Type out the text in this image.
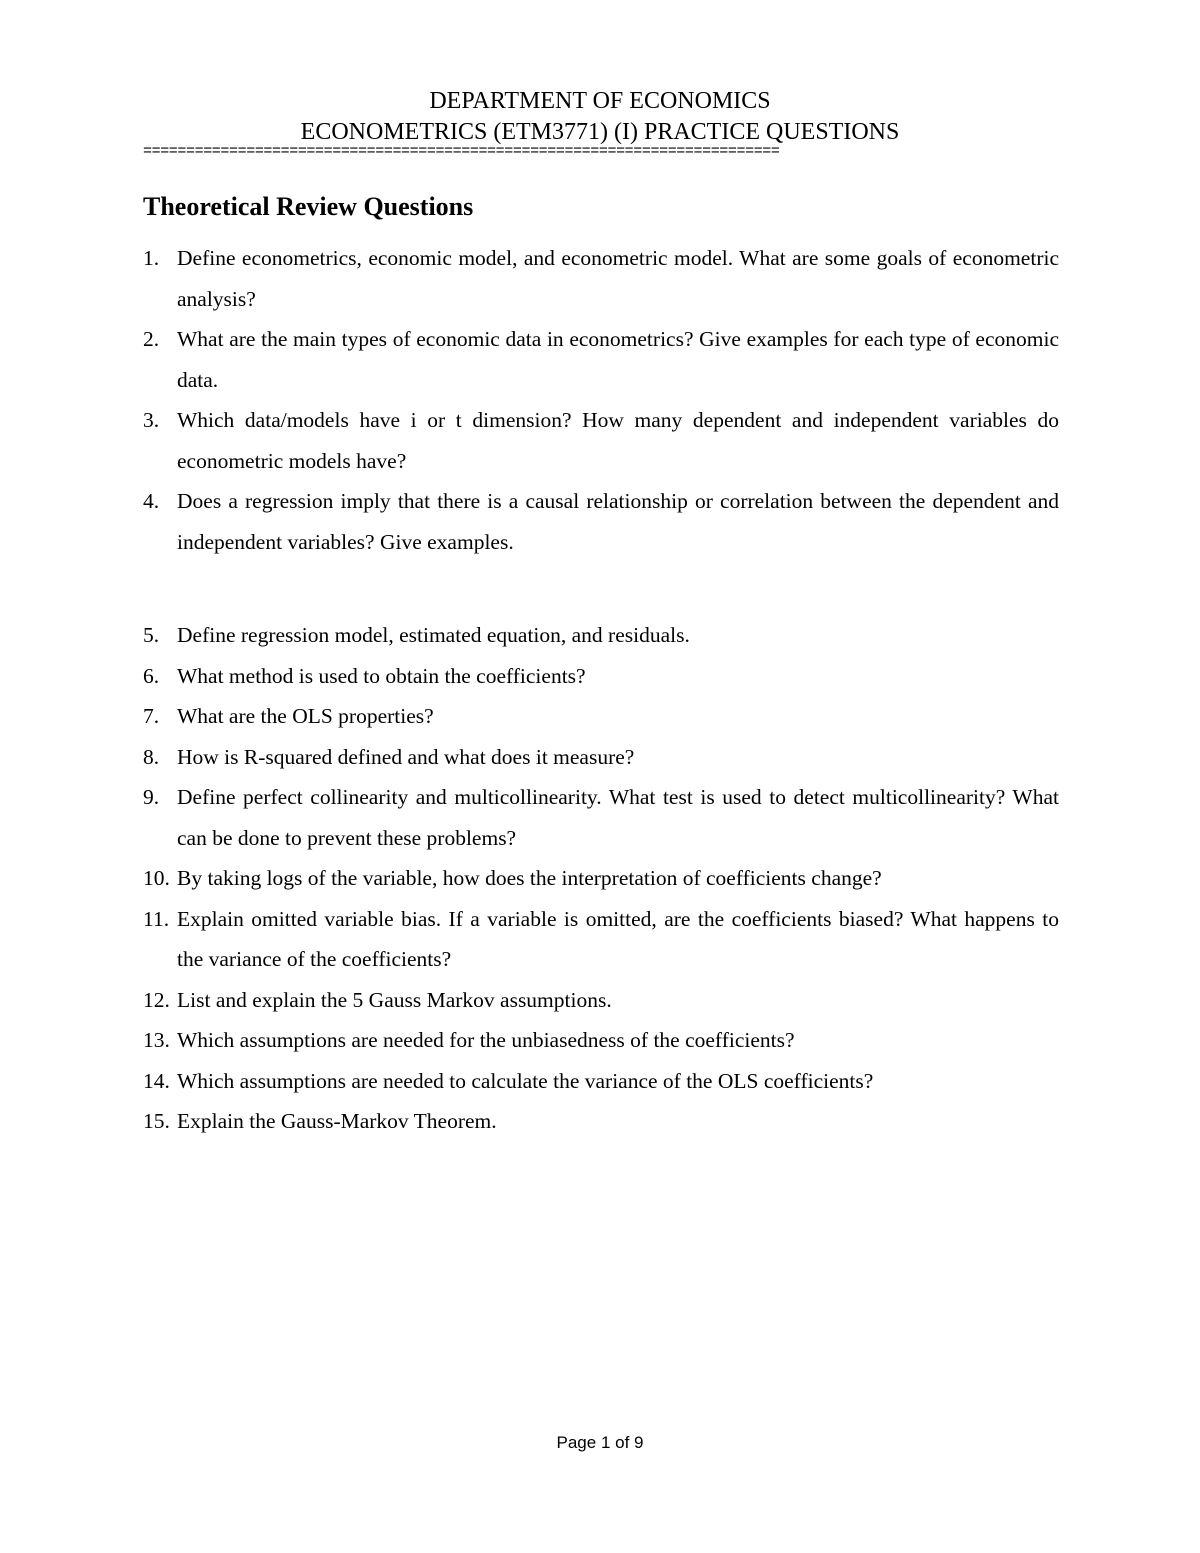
DEPARTMENT OF ECONOMICS
ECONOMETRICS (ETM3771) (I) PRACTICE QUESTIONS
==========================================================================
Theoretical Review Questions
1. Define econometrics, economic model, and econometric model. What are some goals of econometric analysis?
2. What are the main types of economic data in econometrics? Give examples for each type of economic data.
3. Which data/models have i or t dimension? How many dependent and independent variables do econometric models have?
4. Does a regression imply that there is a causal relationship or correlation between the dependent and independent variables? Give examples.
5. Define regression model, estimated equation, and residuals.
6. What method is used to obtain the coefficients?
7. What are the OLS properties?
8. How is R-squared defined and what does it measure?
9. Define perfect collinearity and multicollinearity. What test is used to detect multicollinearity? What can be done to prevent these problems?
10. By taking logs of the variable, how does the interpretation of coefficients change?
11. Explain omitted variable bias. If a variable is omitted, are the coefficients biased? What happens to the variance of the coefficients?
12. List and explain the 5 Gauss Markov assumptions.
13. Which assumptions are needed for the unbiasedness of the coefficients?
14. Which assumptions are needed to calculate the variance of the OLS coefficients?
15. Explain the Gauss-Markov Theorem.
Page 1 of 9
